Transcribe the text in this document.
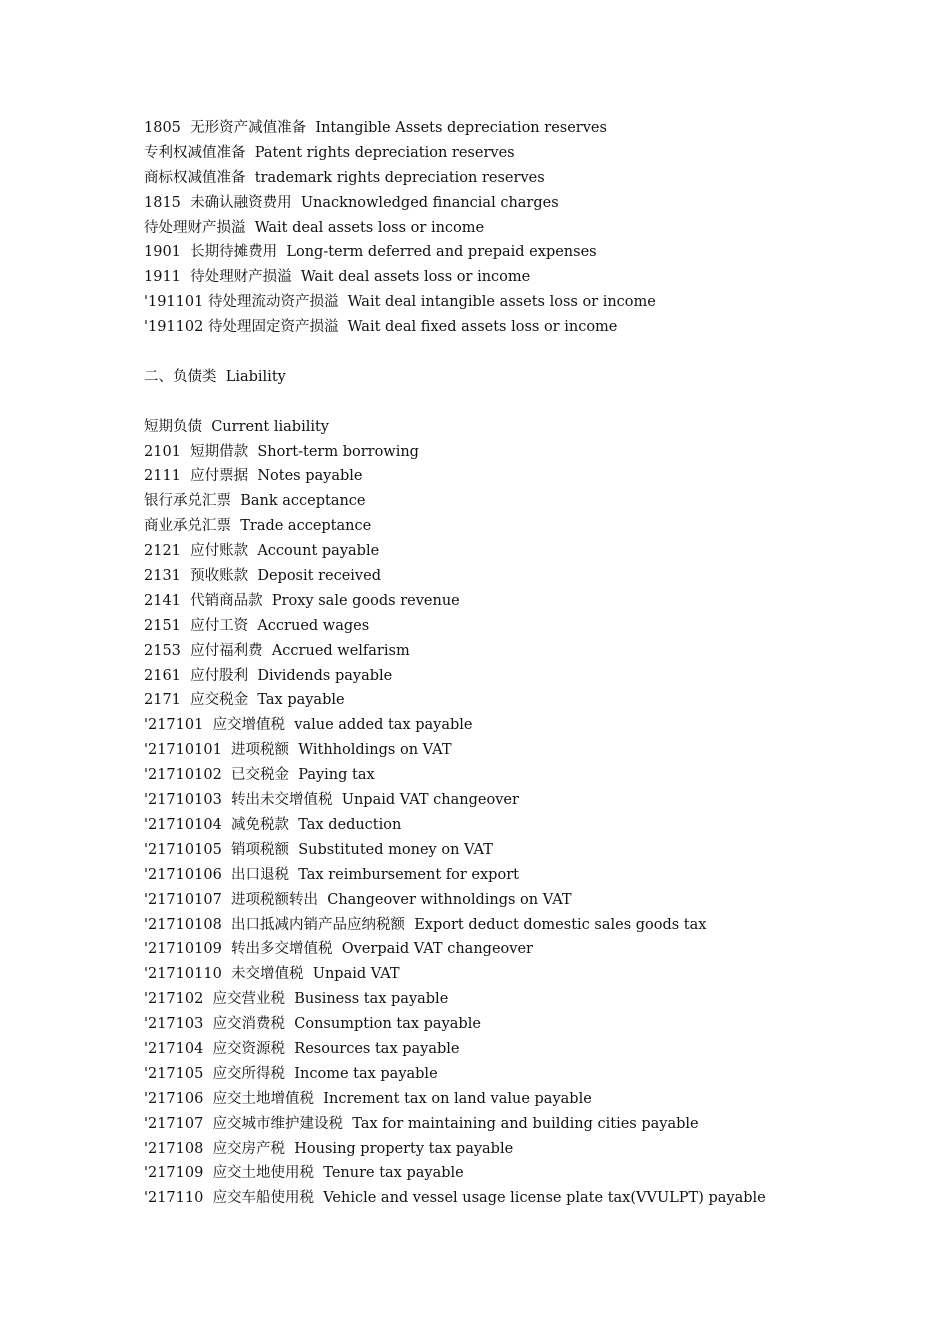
1805  无形资产减值准备  Intangible Assets depreciation reserves
专利权减值准备  Patent rights depreciation reserves
商标权减值准备  trademark rights depreciation reserves
1815  未确认融资费用  Unacknowledged financial charges
待处理财产损溢  Wait deal assets loss or income
1901  长期待摊费用  Long-term deferred and prepaid expenses
1911  待处理财产损溢  Wait deal assets loss or income
'191101 待处理流动资产损溢  Wait deal intangible assets loss or income
'191102 待处理固定资产损溢  Wait deal fixed assets loss or income
二、负债类  Liability
短期负债  Current liability
2101  短期借款  Short-term borrowing
2111  应付票据  Notes payable
银行承兑汇票  Bank acceptance
商业承兑汇票  Trade acceptance
2121  应付账款  Account payable
2131  预收账款  Deposit received
2141  代销商品款  Proxy sale goods revenue
2151  应付工资  Accrued wages
2153  应付福利费  Accrued welfarism
2161  应付股利  Dividends payable
2171  应交税金  Tax payable
'217101  应交增值税  value added tax payable
'21710101  进项税额  Withholdings on VAT
'21710102  已交税金  Paying tax
'21710103  转出未交增值税  Unpaid VAT changeover
'21710104  减免税款  Tax deduction
'21710105  销项税额  Substituted money on VAT
'21710106  出口退税  Tax reimbursement for export
'21710107  进项税额转出  Changeover withnoldings on VAT
'21710108  出口抵减内销产品应纳税额  Export deduct domestic sales goods tax
'21710109  转出多交增值税  Overpaid VAT changeover
'21710110  未交增值税  Unpaid VAT
'217102  应交营业税  Business tax payable
'217103  应交消费税  Consumption tax payable
'217104  应交资源税  Resources tax payable
'217105  应交所得税  Income tax payable
'217106  应交土地增值税  Increment tax on land value payable
'217107  应交城市维护建设税  Tax for maintaining and building cities payable
'217108  应交房产税  Housing property tax payable
'217109  应交土地使用税  Tenure tax payable
'217110  应交车船使用税  Vehicle and vessel usage license plate tax(VVULPT) payable
